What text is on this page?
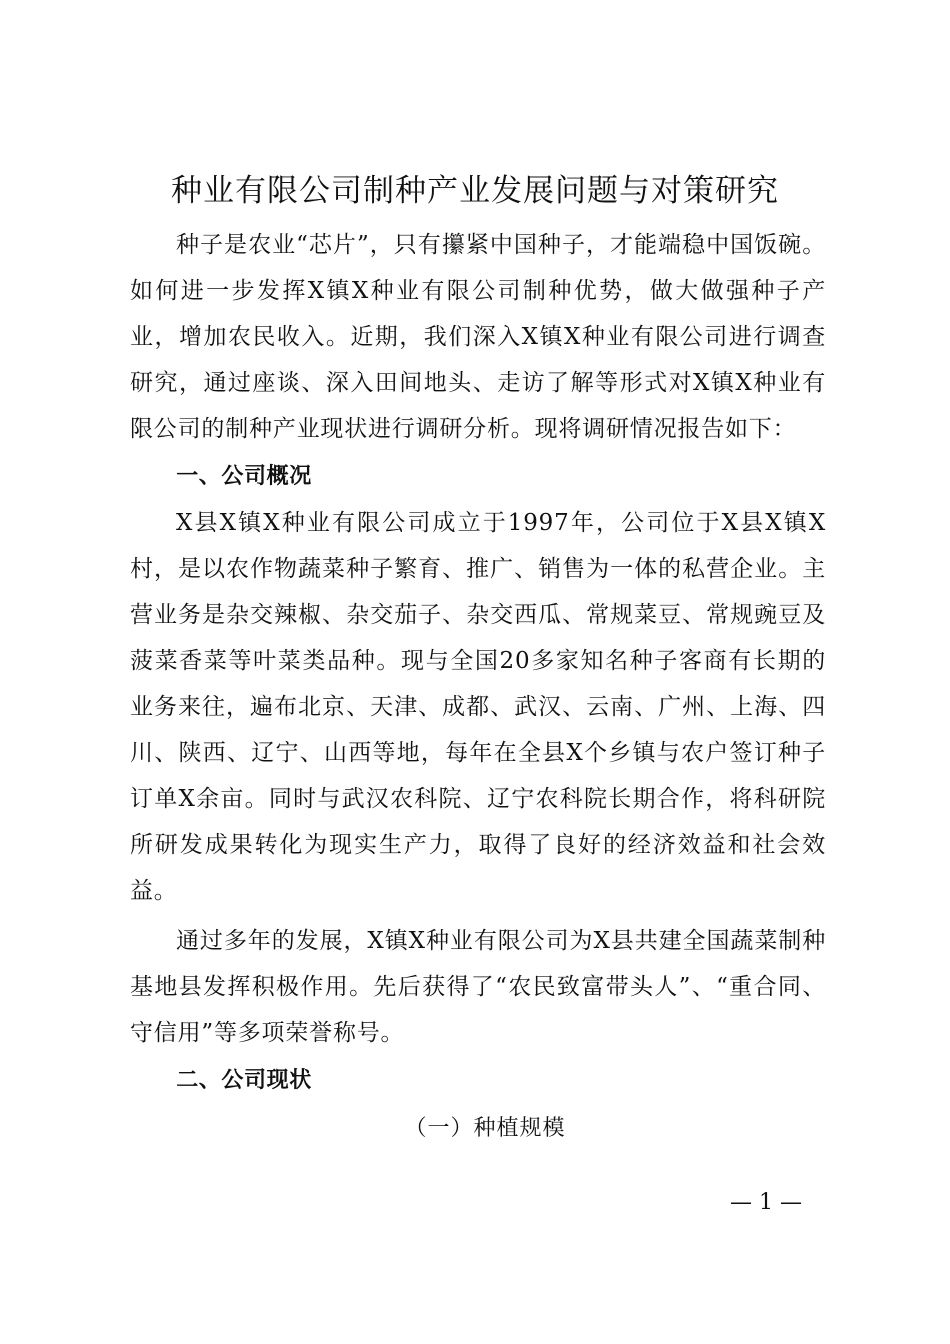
种业有限公司制种产业发展问题与对策研究

种子是农业“芯片”，只有攥紧中国种子，才能端稳中国饭碗。如何进一步发挥X镇X种业有限公司制种优势，做大做强种子产业，增加农民收入。近期，我们深入X镇X种业有限公司进行调查研究，通过座谈、深入田间地头、走访了解等形式对X镇X种业有限公司的制种产业现状进行调研分析。现将调研情况报告如下：

一、公司概况

X县X镇X种业有限公司成立于1997年，公司位于X县X镇X村，是以农作物蔬菜种子繁育、推广、销售为一体的私营企业。主营业务是杂交辣椒、杂交茄子、杂交西瓜、常规菜豆、常规豌豆及菠菜香菜等叶菜类品种。现与全国20多家知名种子客商有长期的业务来往，遍布北京、天津、成都、武汉、云南、广州、上海、四川、陕西、辽宁、山西等地，每年在全县X个乡镇与农户签订种子订单X余亩。同时与武汉农科院、辽宁农科院长期合作，将科研院所研发成果转化为现实生产力，取得了良好的经济效益和社会效益。

通过多年的发展，X镇X种业有限公司为X县共建全国蔬菜制种基地县发挥积极作用。先后获得了“农民致富带头人”、“重合同、守信用”等多项荣誉称号。

二、公司现状

（一）种植规模

— 1 —
